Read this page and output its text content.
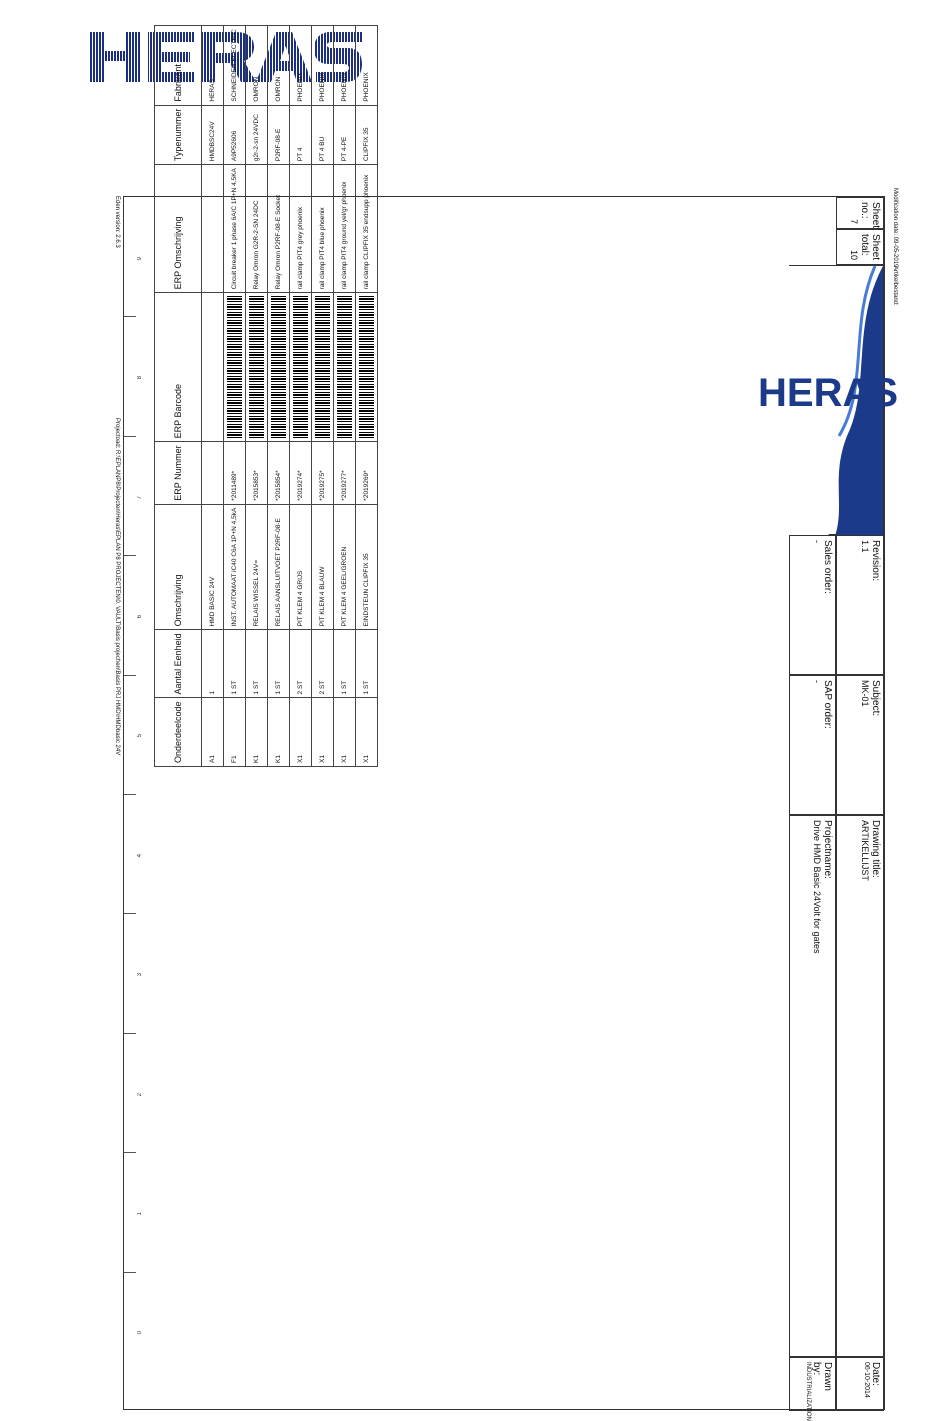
Modification date: 09-05-2019
Artikelbestand:
Sheet no.:
7
Sheet total:
10
HERAS
Revision:
1.1
Sales order:
-
Subject:
MK-01
SAP order:
-
Drawing title:
ARTIKELLIJST
Projectname:
Drive HMD Basic 24Volt for gates
Date:
06-10-2014
Drawn by:
INDUSTRIALIZATION
0
1
2
3
4
5
6
7
8
9
Onderdeelcode	Aantal Eenheid	Omschrijving	ERP Nummer	ERP Barcode	ERP Omschrijving	Typenummer	Fabrikant
A1	1	HMD BASIC 24V				HMDBSC24V	HERAS
F1	1 ST	INST. AUTOMAAT iC40 C6A 1P+N 4,5kA	*2011489*		Circuit breaker 1 phase 6A/C 1P+N 4,5KA	A9P52606	SCHNEIDER ELECTRIC
K1	1 ST	RELAIS WISSEL 24V=	*2015853*		Relay Omron G2R-2-SN 24DC	g2r-2-sn 24VDC	OMRON
K1	1 ST	RELAIS AANSLUITVOET P2RF-08-E	*2015854*		Relay Omron P2RF-08-E Socket	P2RF-08-E	OMRON
X1	2 ST	PIT KLEM 4 GRIJS	*2019274*		rail clamp PIT4 grey phoenix	PT 4	PHOENIX
X1	2 ST	PIT KLEM 4 BLAUW	*2019275*		rail clamp PIT4 blue phoenix	PT 4 BU	PHOENIX
X1	1 ST	PIT KLEM 4 GEEL/GROEN	*2019277*		rail clamp PIT4 ground yel/gr phoenix	PT 4-PE	PHOENIX
X1	1 ST	EINDSTEUN CLIPFIX 35	*2019269*		rail clamp CLIPFIX 35 endsupp phoenix	CLIPFIX 35	PHOENIX
Eden version: 2.6.3
Projectoad: R:\EPLANP8\Projecten\Heras\EPLAN P8 PROJECTEN\0. VAULT\Basis project\en\Basis PRJ HMD\HMDbasic 24V
